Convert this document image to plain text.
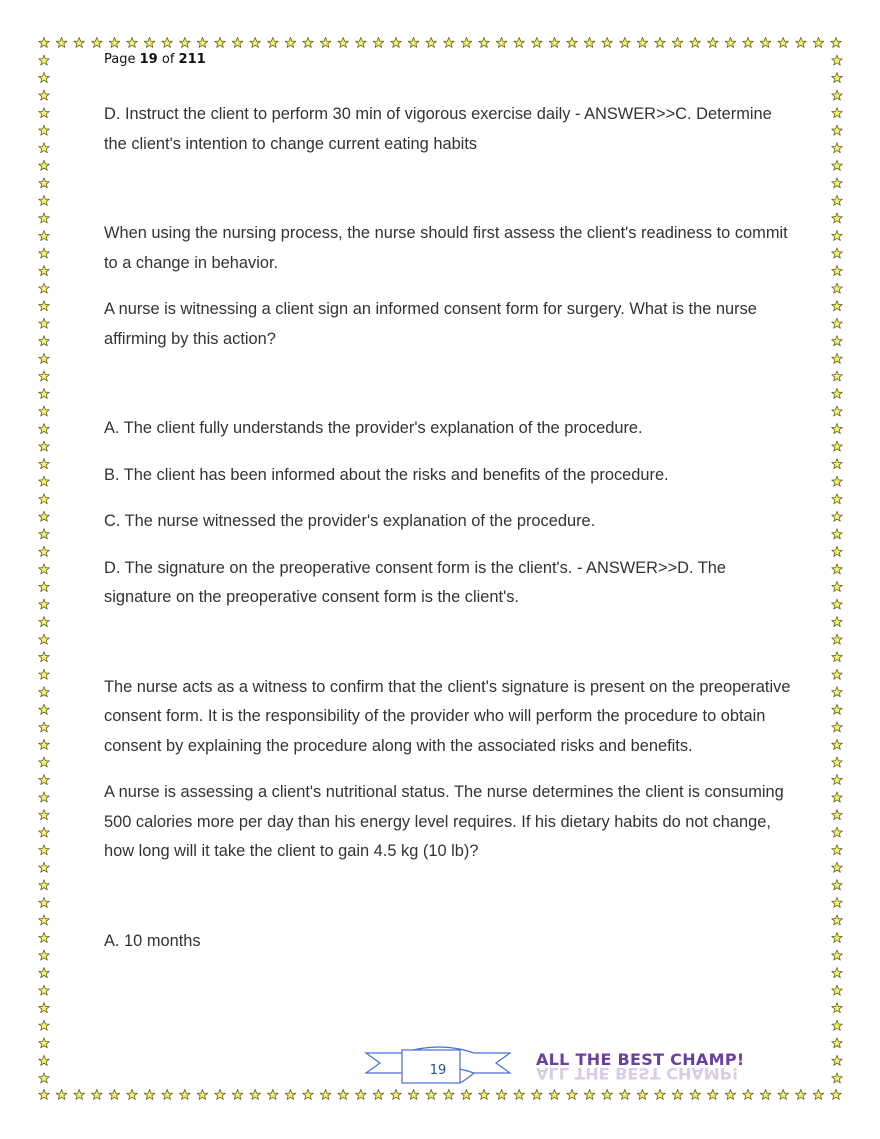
Page 19 of 211

D. Instruct the client to perform 30 min of vigorous exercise daily - ANSWER>>C. Determine the client's intention to change current eating habits

When using the nursing process, the nurse should first assess the client's readiness to commit to a change in behavior.

A nurse is witnessing a client sign an informed consent form for surgery. What is the nurse affirming by this action?

A. The client fully understands the provider's explanation of the procedure.

B. The client has been informed about the risks and benefits of the procedure.

C. The nurse witnessed the provider's explanation of the procedure.

D. The signature on the preoperative consent form is the client's. - ANSWER>>D. The signature on the preoperative consent form is the client's.

The nurse acts as a witness to confirm that the client's signature is present on the preoperative consent form. It is the responsibility of the provider who will perform the procedure to obtain consent by explaining the procedure along with the associated risks and benefits.

A nurse is assessing a client's nutritional status. The nurse determines the client is consuming 500 calories more per day than his energy level requires. If his dietary habits do not change, how long will it take the client to gain 4.5 kg (10 lb)?

A. 10 months

19
ALL THE BEST CHAMP!
ALL THE BEST CHAMP!
